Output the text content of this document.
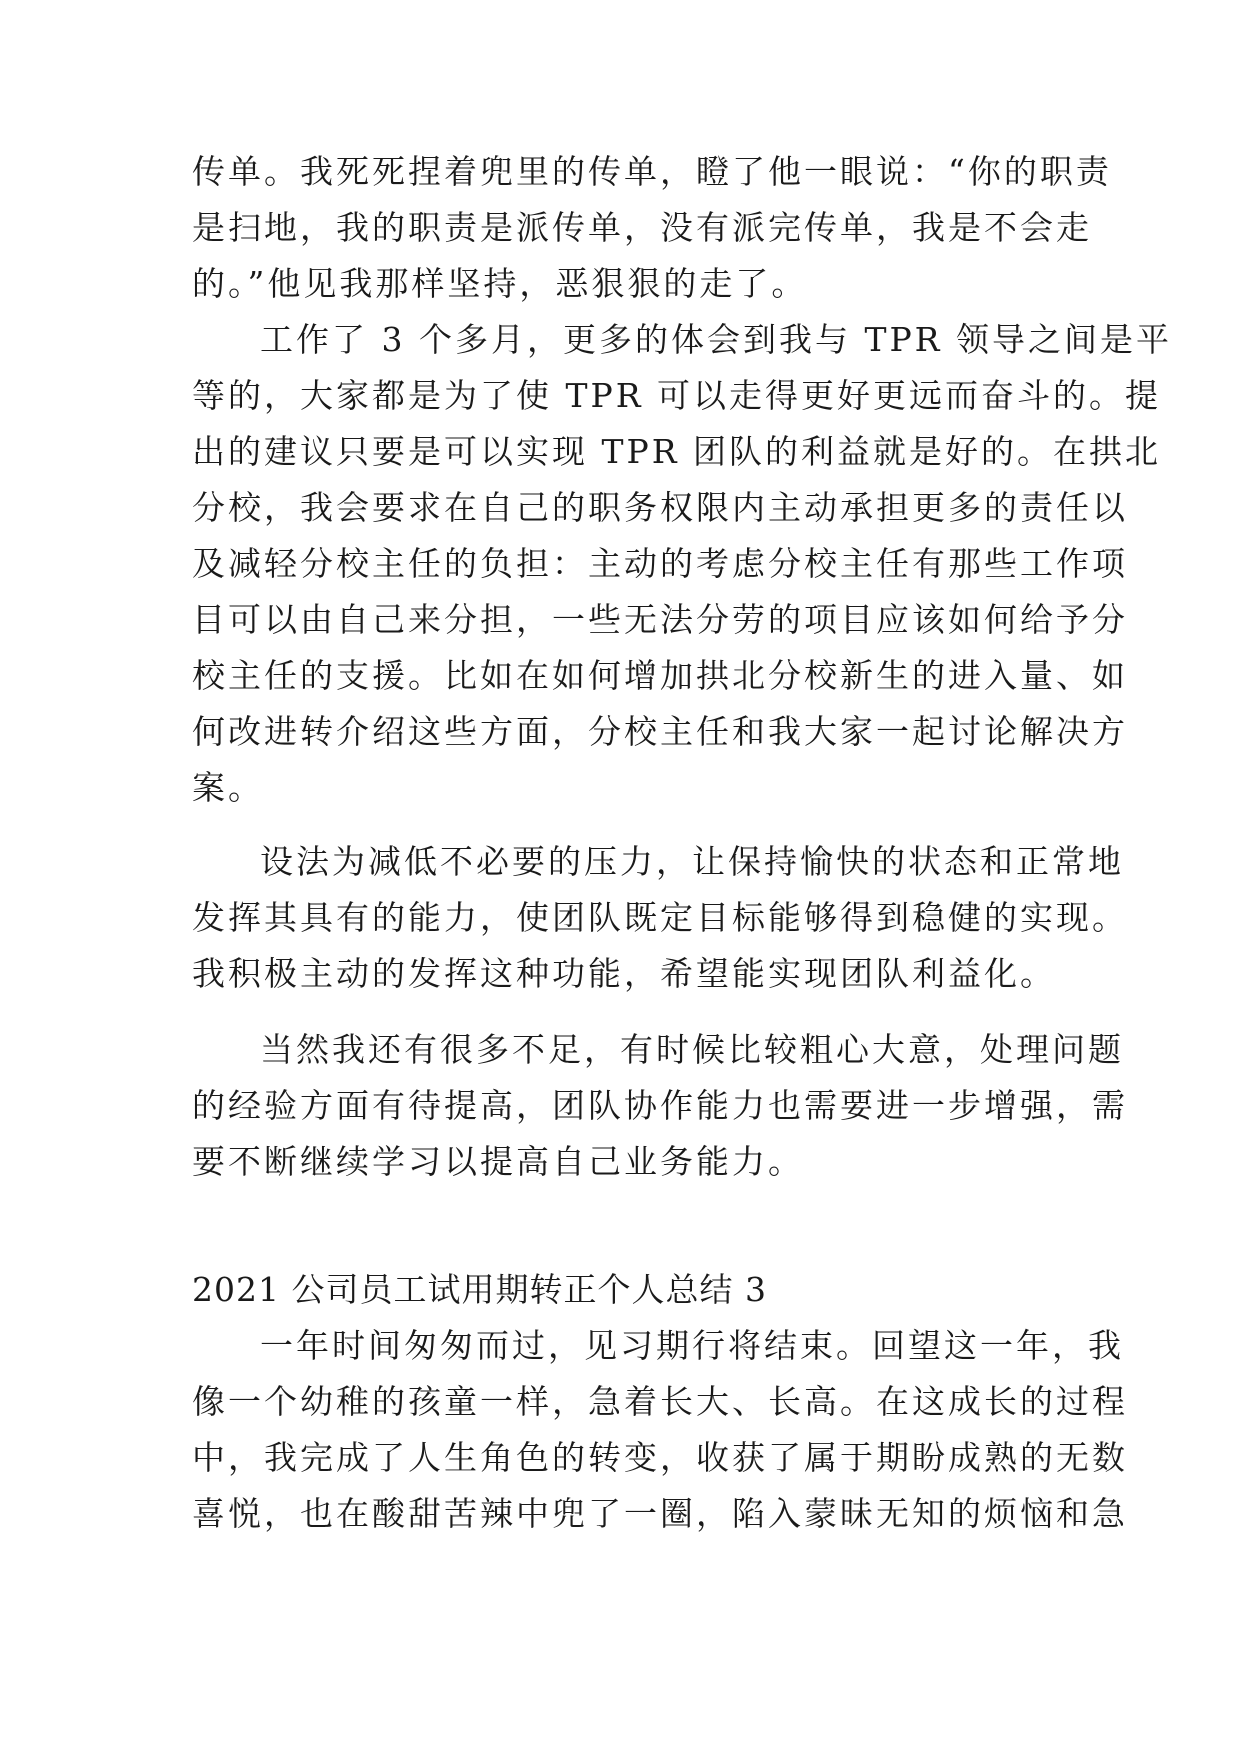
传单。我死死捏着兜里的传单，瞪了他一眼说：“你的职责
是扫地，我的职责是派传单，没有派完传单，我是不会走
的。”他见我那样坚持，恶狠狠的走了。
工作了 3 个多月，更多的体会到我与 TPR 领导之间是平
等的，大家都是为了使 TPR 可以走得更好更远而奋斗的。提
出的建议只要是可以实现 TPR 团队的利益就是好的。在拱北
分校，我会要求在自己的职务权限内主动承担更多的责任以
及减轻分校主任的负担：主动的考虑分校主任有那些工作项
目可以由自己来分担，一些无法分劳的项目应该如何给予分
校主任的支援。比如在如何增加拱北分校新生的进入量、如
何改进转介绍这些方面，分校主任和我大家一起讨论解决方
案。
设法为减低不必要的压力，让保持愉快的状态和正常地
发挥其具有的能力，使团队既定目标能够得到稳健的实现。
我积极主动的发挥这种功能，希望能实现团队利益化。
当然我还有很多不足，有时候比较粗心大意，处理问题
的经验方面有待提高，团队协作能力也需要进一步增强，需
要不断继续学习以提高自己业务能力。
2021 公司员工试用期转正个人总结 3
一年时间匆匆而过，见习期行将结束。回望这一年，我
像一个幼稚的孩童一样，急着长大、长高。在这成长的过程
中，我完成了人生角色的转变，收获了属于期盼成熟的无数
喜悦，也在酸甜苦辣中兜了一圈，陷入蒙昧无知的烦恼和急
